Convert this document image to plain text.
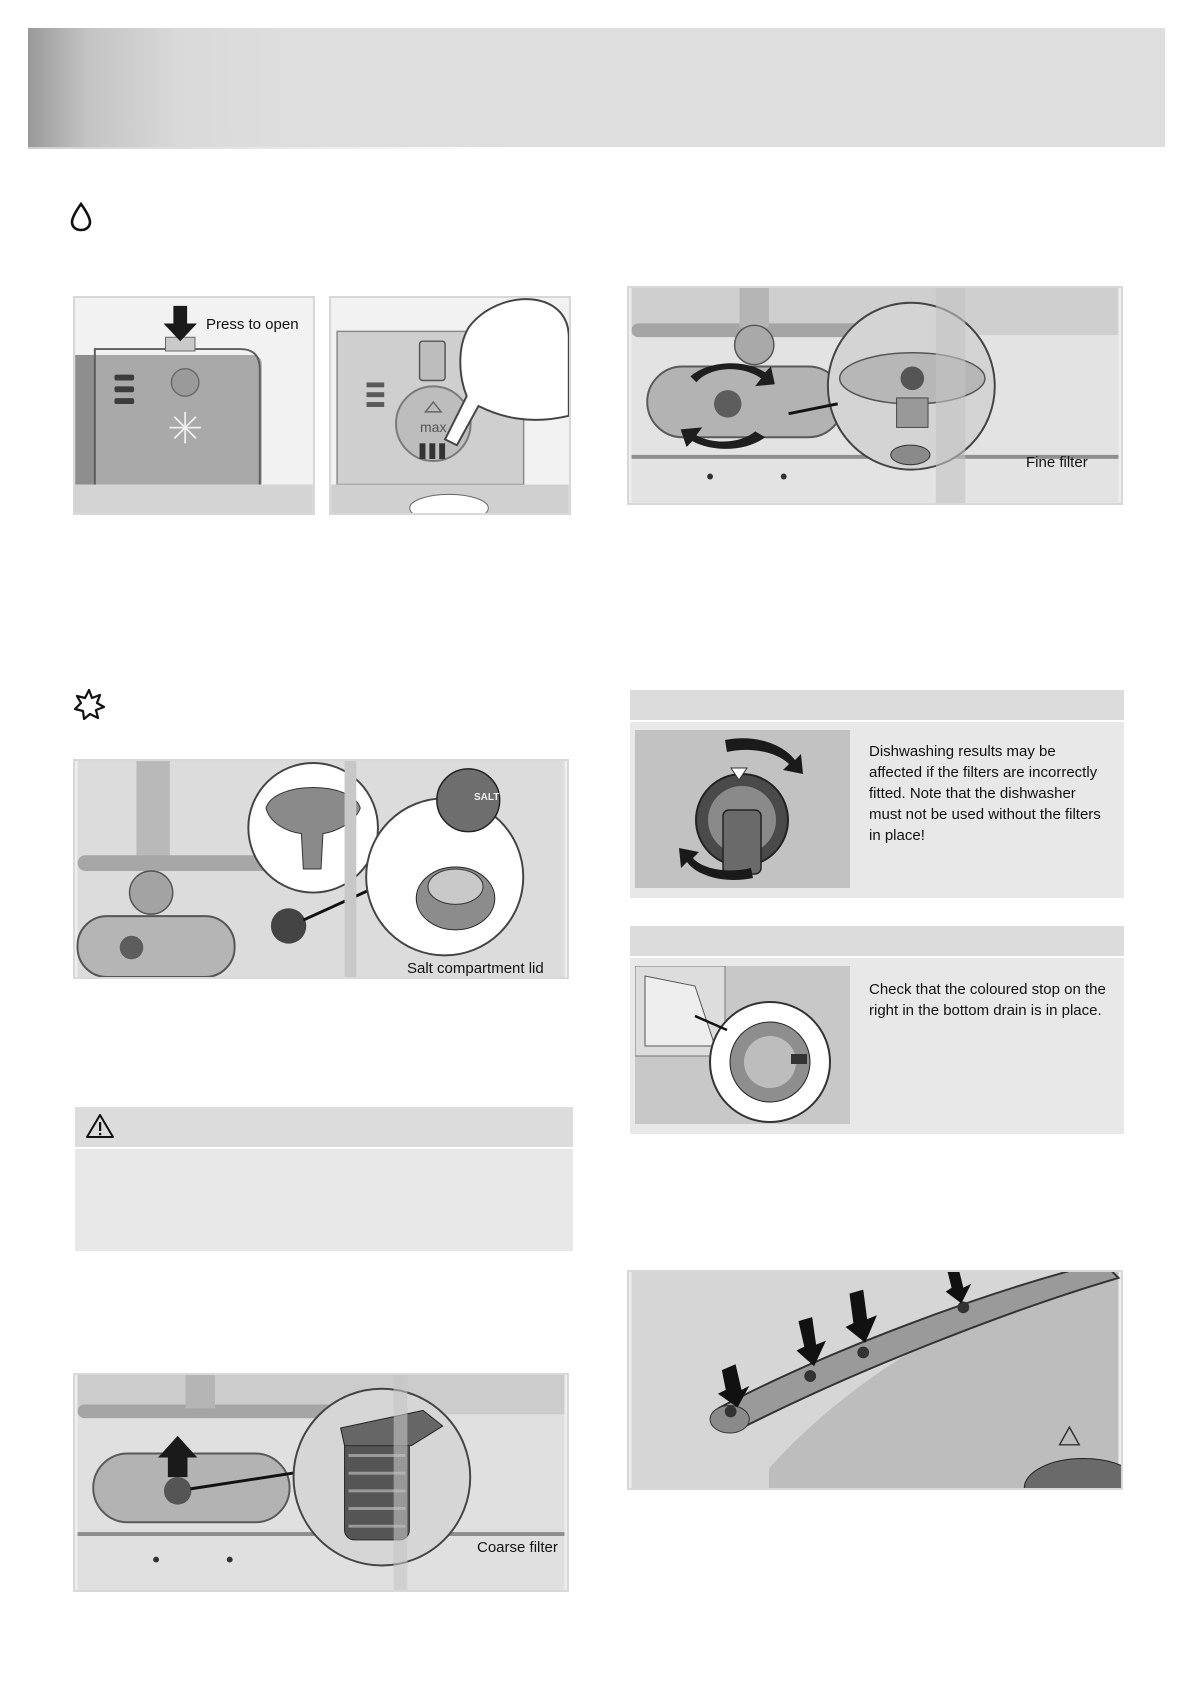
Press to open
max
Fine filter
Salt compartment lid
SALT
Coarse filter
Dishwashing results may be affected if the filters are incorrectly fitted. Note that the dishwasher must not be used without the filters in place!
Check that the coloured stop on the right in the bottom drain is in place.
